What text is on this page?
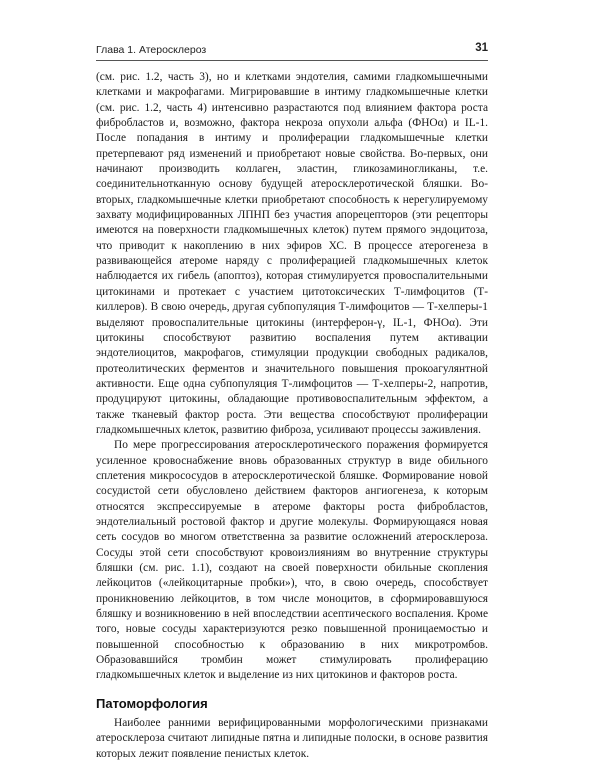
Глава 1. Атеросклероз	31

(см. рис. 1.2, часть 3), но и клетками эндотелия, самими гладкомышечными клетками и макрофагами. Мигрировавшие в интиму гладкомышечные клетки (см. рис. 1.2, часть 4) интенсивно разрастаются под влиянием фактора роста фибробластов и, возможно, фактора некроза опухоли альфа (ФНОα) и IL-1. После попадания в интиму и пролиферации гладкомышечные клетки претерпевают ряд изменений и приобретают новые свойства. Во-первых, они начинают производить коллаген, эластин, гликозаминогликаны, т.е. соединительнотканную основу будущей атеросклеротической бляшки. Во-вторых, гладкомышечные клетки приобретают способность к нерегулируемому захвату модифицированных ЛПНП без участия апорецепторов (эти рецепторы имеются на поверхности гладкомышечных клеток) путем прямого эндоцитоза, что приводит к накоплению в них эфиров ХС. В процессе атерогенеза в развивающейся атероме наряду с пролиферацией гладкомышечных клеток наблюдается их гибель (апоптоз), которая стимулируется провоспалительными цитокинами и протекает с участием цитотоксических Т-лимфоцитов (Т-киллеров). В свою очередь, другая субпопуляция Т-лимфоцитов — Т-хелперы-1 выделяют провоспалительные цитокины (интерферон-γ, IL-1, ФНОα). Эти цитокины способствуют развитию воспаления путем активации эндотелиоцитов, макрофагов, стимуляции продукции свободных радикалов, протеолитических ферментов и значительного повышения прокоагулянтной активности. Еще одна субпопуляция Т-лимфоцитов — Т-хелперы-2, напротив, продуцируют цитокины, обладающие противовоспалительным эффектом, а также тканевый фактор роста. Эти вещества способствуют пролиферации гладкомышечных клеток, развитию фиброза, усиливают процессы заживления.

По мере прогрессирования атеросклеротического поражения формируется усиленное кровоснабжение вновь образованных структур в виде обильного сплетения микрососудов в атеросклеротической бляшке. Формирование новой сосудистой сети обусловлено действием факторов ангиогенеза, к которым относятся экспрессируемые в атероме факторы роста фибробластов, эндотелиальный ростовой фактор и другие молекулы. Формирующаяся новая сеть сосудов во многом ответственна за развитие осложнений атеросклероза. Сосуды этой сети способствуют кровоизлияниям во внутренние структуры бляшки (см. рис. 1.1), создают на своей поверхности обильные скопления лейкоцитов («лейкоцитарные пробки»), что, в свою очередь, способствует проникновению лейкоцитов, в том числе моноцитов, в сформировавшуюся бляшку и возникновению в ней впоследствии асептического воспаления. Кроме того, новые сосуды характеризуются резко повышенной проницаемостью и повышенной способностью к образованию в них микротромбов. Образовавшийся тромбин может стимулировать пролиферацию гладкомышечных клеток и выделение из них цитокинов и факторов роста.

Патоморфология

Наиболее ранними верифицированными морфологическими признаками атеросклероза считают липидные пятна и липидные полоски, в основе развития которых лежит появление пенистых клеток.
